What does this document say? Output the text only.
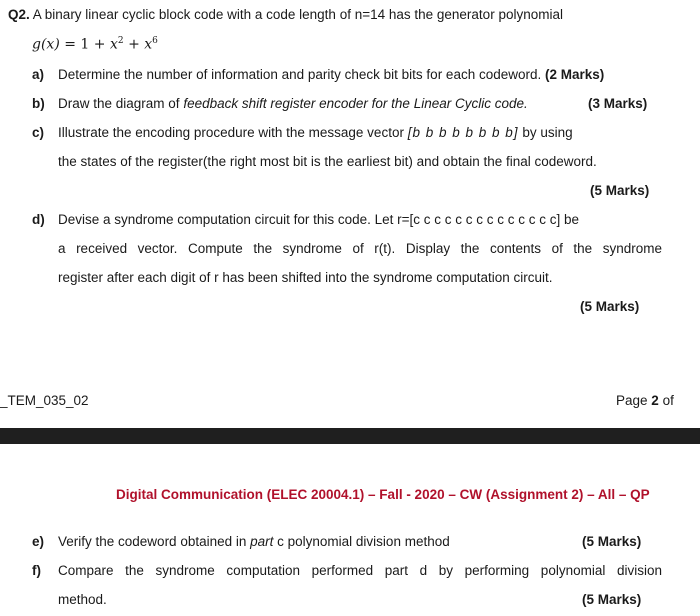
Q2. A binary linear cyclic block code with a code length of n=14 has the generator polynomial
$g(x) = 1 + x^2 + x^6$
a) Determine the number of information and parity check bit bits for each codeword. (2 Marks)
b) Draw the diagram of feedback shift register encoder for the Linear Cyclic code.	(3 Marks)
c) Illustrate the encoding procedure with the message vector [b b b b b b b b] by using
the states of the register(the right most bit is the earliest bit) and obtain the final codeword.
(5 Marks)
d) Devise a syndrome computation circuit for this code. Let r=[c c c c c c c c c c c c c c] be
a received vector. Compute the syndrome of r(t). Display the contents of the syndrome
register after each digit of r has been shifted into the syndrome computation circuit.
(5 Marks)
_TEM_035_02	Page 2 of
Digital Communication (ELEC 20004.1) – Fall - 2020 – CW (Assignment 2) – All – QP
e) Verify the codeword obtained in part c polynomial division method	(5 Marks)
f) Compare the syndrome computation performed part d by performing polynomial division
method.	(5 Marks)
